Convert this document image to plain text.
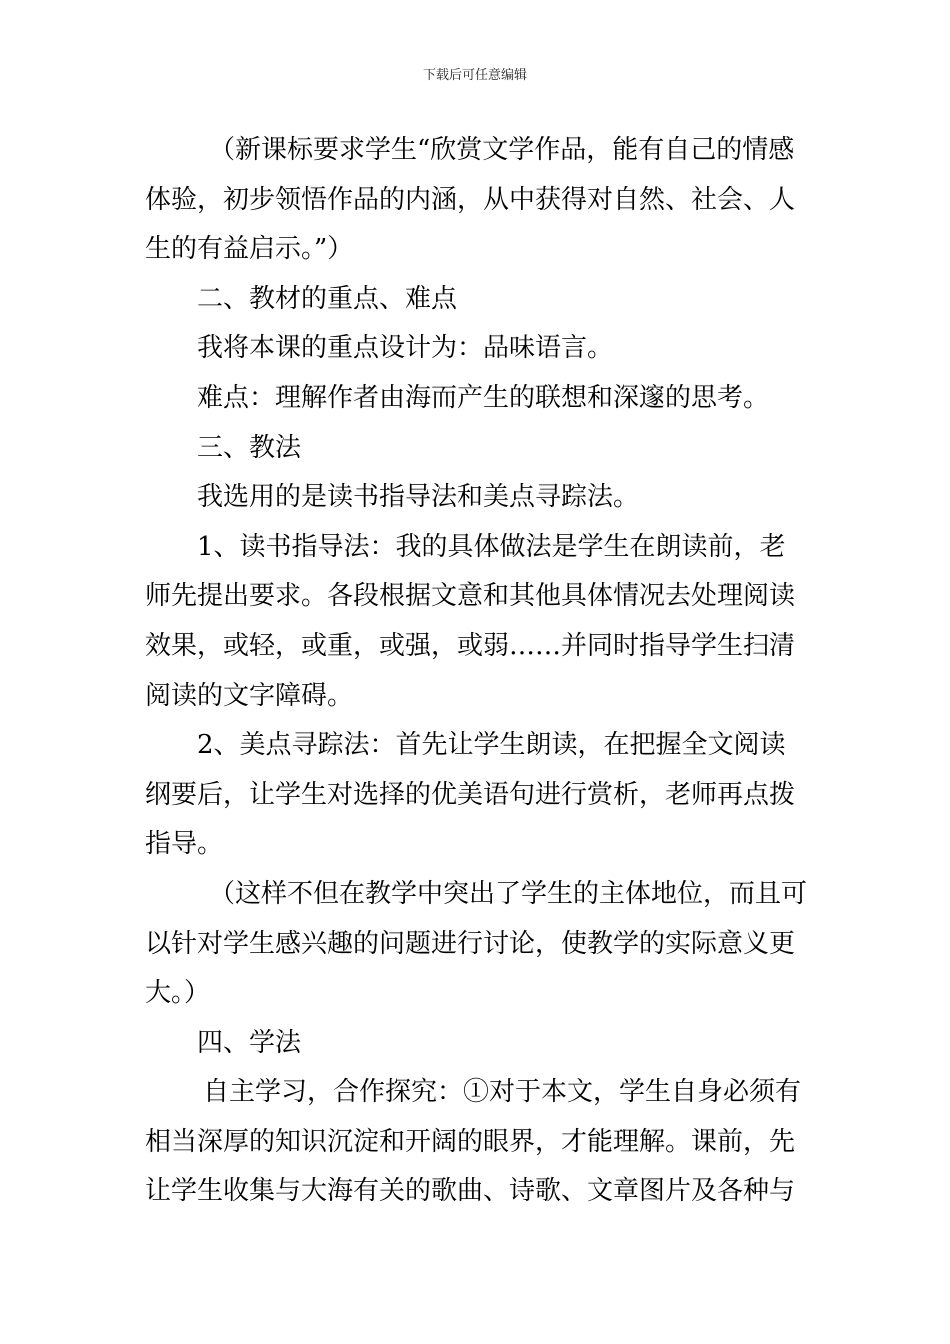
下载后可任意编辑

（新课标要求学生“欣赏文学作品，能有自己的情感体验，初步领悟作品的内涵，从中获得对自然、社会、人生的有益启示。”）

二、教材的重点、难点

我将本课的重点设计为：品味语言。

难点：理解作者由海而产生的联想和深邃的思考。

三、教法

我选用的是读书指导法和美点寻踪法。

1、读书指导法：我的具体做法是学生在朗读前，老师先提出要求。各段根据文意和其他具体情况去处理阅读效果，或轻，或重，或强，或弱……并同时指导学生扫清阅读的文字障碍。

2、美点寻踪法：首先让学生朗读，在把握全文阅读纲要后，让学生对选择的优美语句进行赏析，老师再点拨指导。

（这样不但在教学中突出了学生的主体地位，而且可以针对学生感兴趣的问题进行讨论，使教学的实际意义更大。）

四、学法

自主学习，合作探究：①对于本文，学生自身必须有相当深厚的知识沉淀和开阔的眼界，才能理解。课前，先让学生收集与大海有关的歌曲、诗歌、文章图片及各种与
